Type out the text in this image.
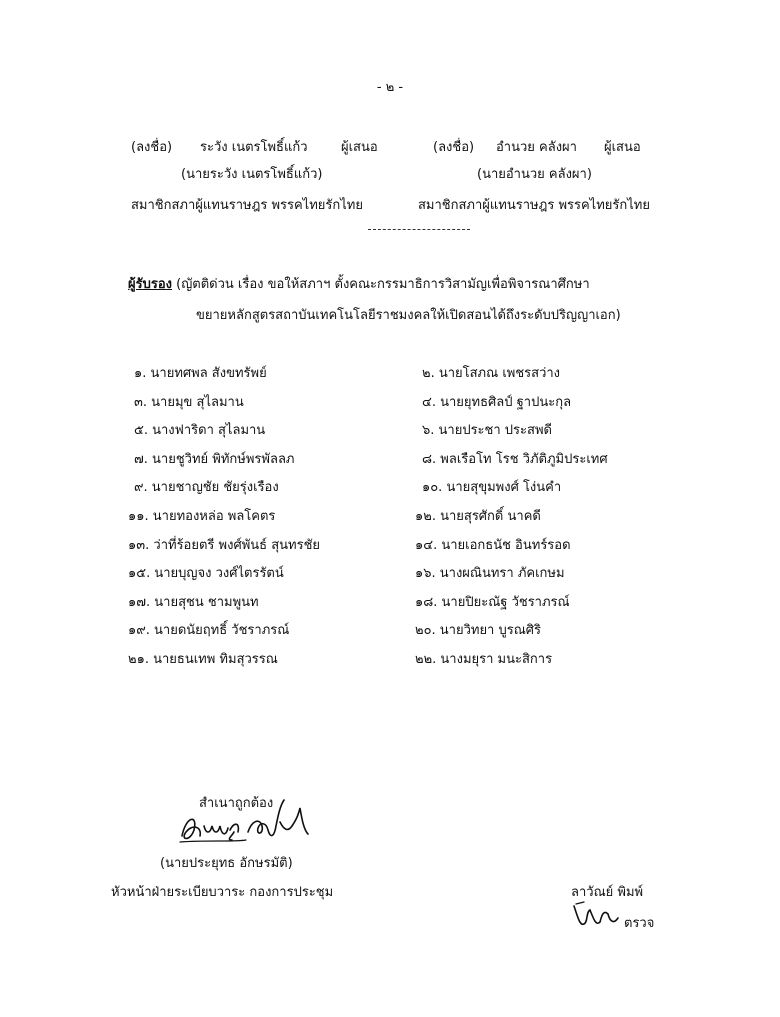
- ๒ -
(ลงชื่อ) ระวัง เนตรโพธิ์แก้ว	ผู้เสนอ
(นายระวัง เนตรโพธิ์แก้ว)
สมาชิกสภาผู้แทนราษฎร พรรคไทยรักไทย
(ลงชื่อ) อำนวย คลังผา ผู้เสนอ
(นายอำนวย คลังผา)
สมาชิกสภาผู้แทนราษฎร พรรคไทยรักไทย
ผู้รับรอง (ญัตติด่วน เรื่อง ขอให้สภาฯ ตั้งคณะกรรมาธิการวิสามัญเพื่อพิจารณาศึกษา
ขยายหลักสูตรสถาบันเทคโนโลยีราชมงคลให้เปิดสอนได้ถึงระดับปริญญาเอก)
๑. นายทศพล สังขทรัพย์	๒. นายโสภณ เพชรสว่าง
๓. นายมุข สุไลมาน	๔. นายยุทธศิลป์ ฐาปนะกุล
๕. นางฟาริดา สุไลมาน	๖. นายประชา ประสพดี
๗. นายชูวิทย์ พิทักษ์พรพัลลภ	๘. พลเรือโท โรช วิภัติภูมิประเทศ
๙. นายชาญชัย ชัยรุ่งเรือง	๑๐. นายสุขุมพงศ์ โง่นคำ
๑๑. นายทองหล่อ พลโคตร	๑๒. นายสุรศักดิ์ นาคดี
๑๓. ว่าที่ร้อยตรี พงศ์พันธ์ สุนทรชัย	๑๔. นายเอกธนัช อินทร์รอด
๑๕. นายบุญจง วงศ์ไตรรัตน์	๑๖. นางผณินทรา ภัคเกษม
๑๗. นายสุชน ชามพูนท	๑๘. นายปิยะณัฐ วัชราภรณ์
๑๙. นายดนัยฤทธิ์ วัชราภรณ์	๒๐. นายวิทยา บูรณศิริ
๒๑. นายธนเทพ ทิมสุวรรณ	๒๒. นางมยุรา มนะสิการ
สำเนาถูกต้อง
(นายประยุทธ อักษรมัติ)
หัวหน้าฝ่ายระเบียบวาระ กองการประชุม	ลาวัณย์ พิมพ์
ตรวจ
